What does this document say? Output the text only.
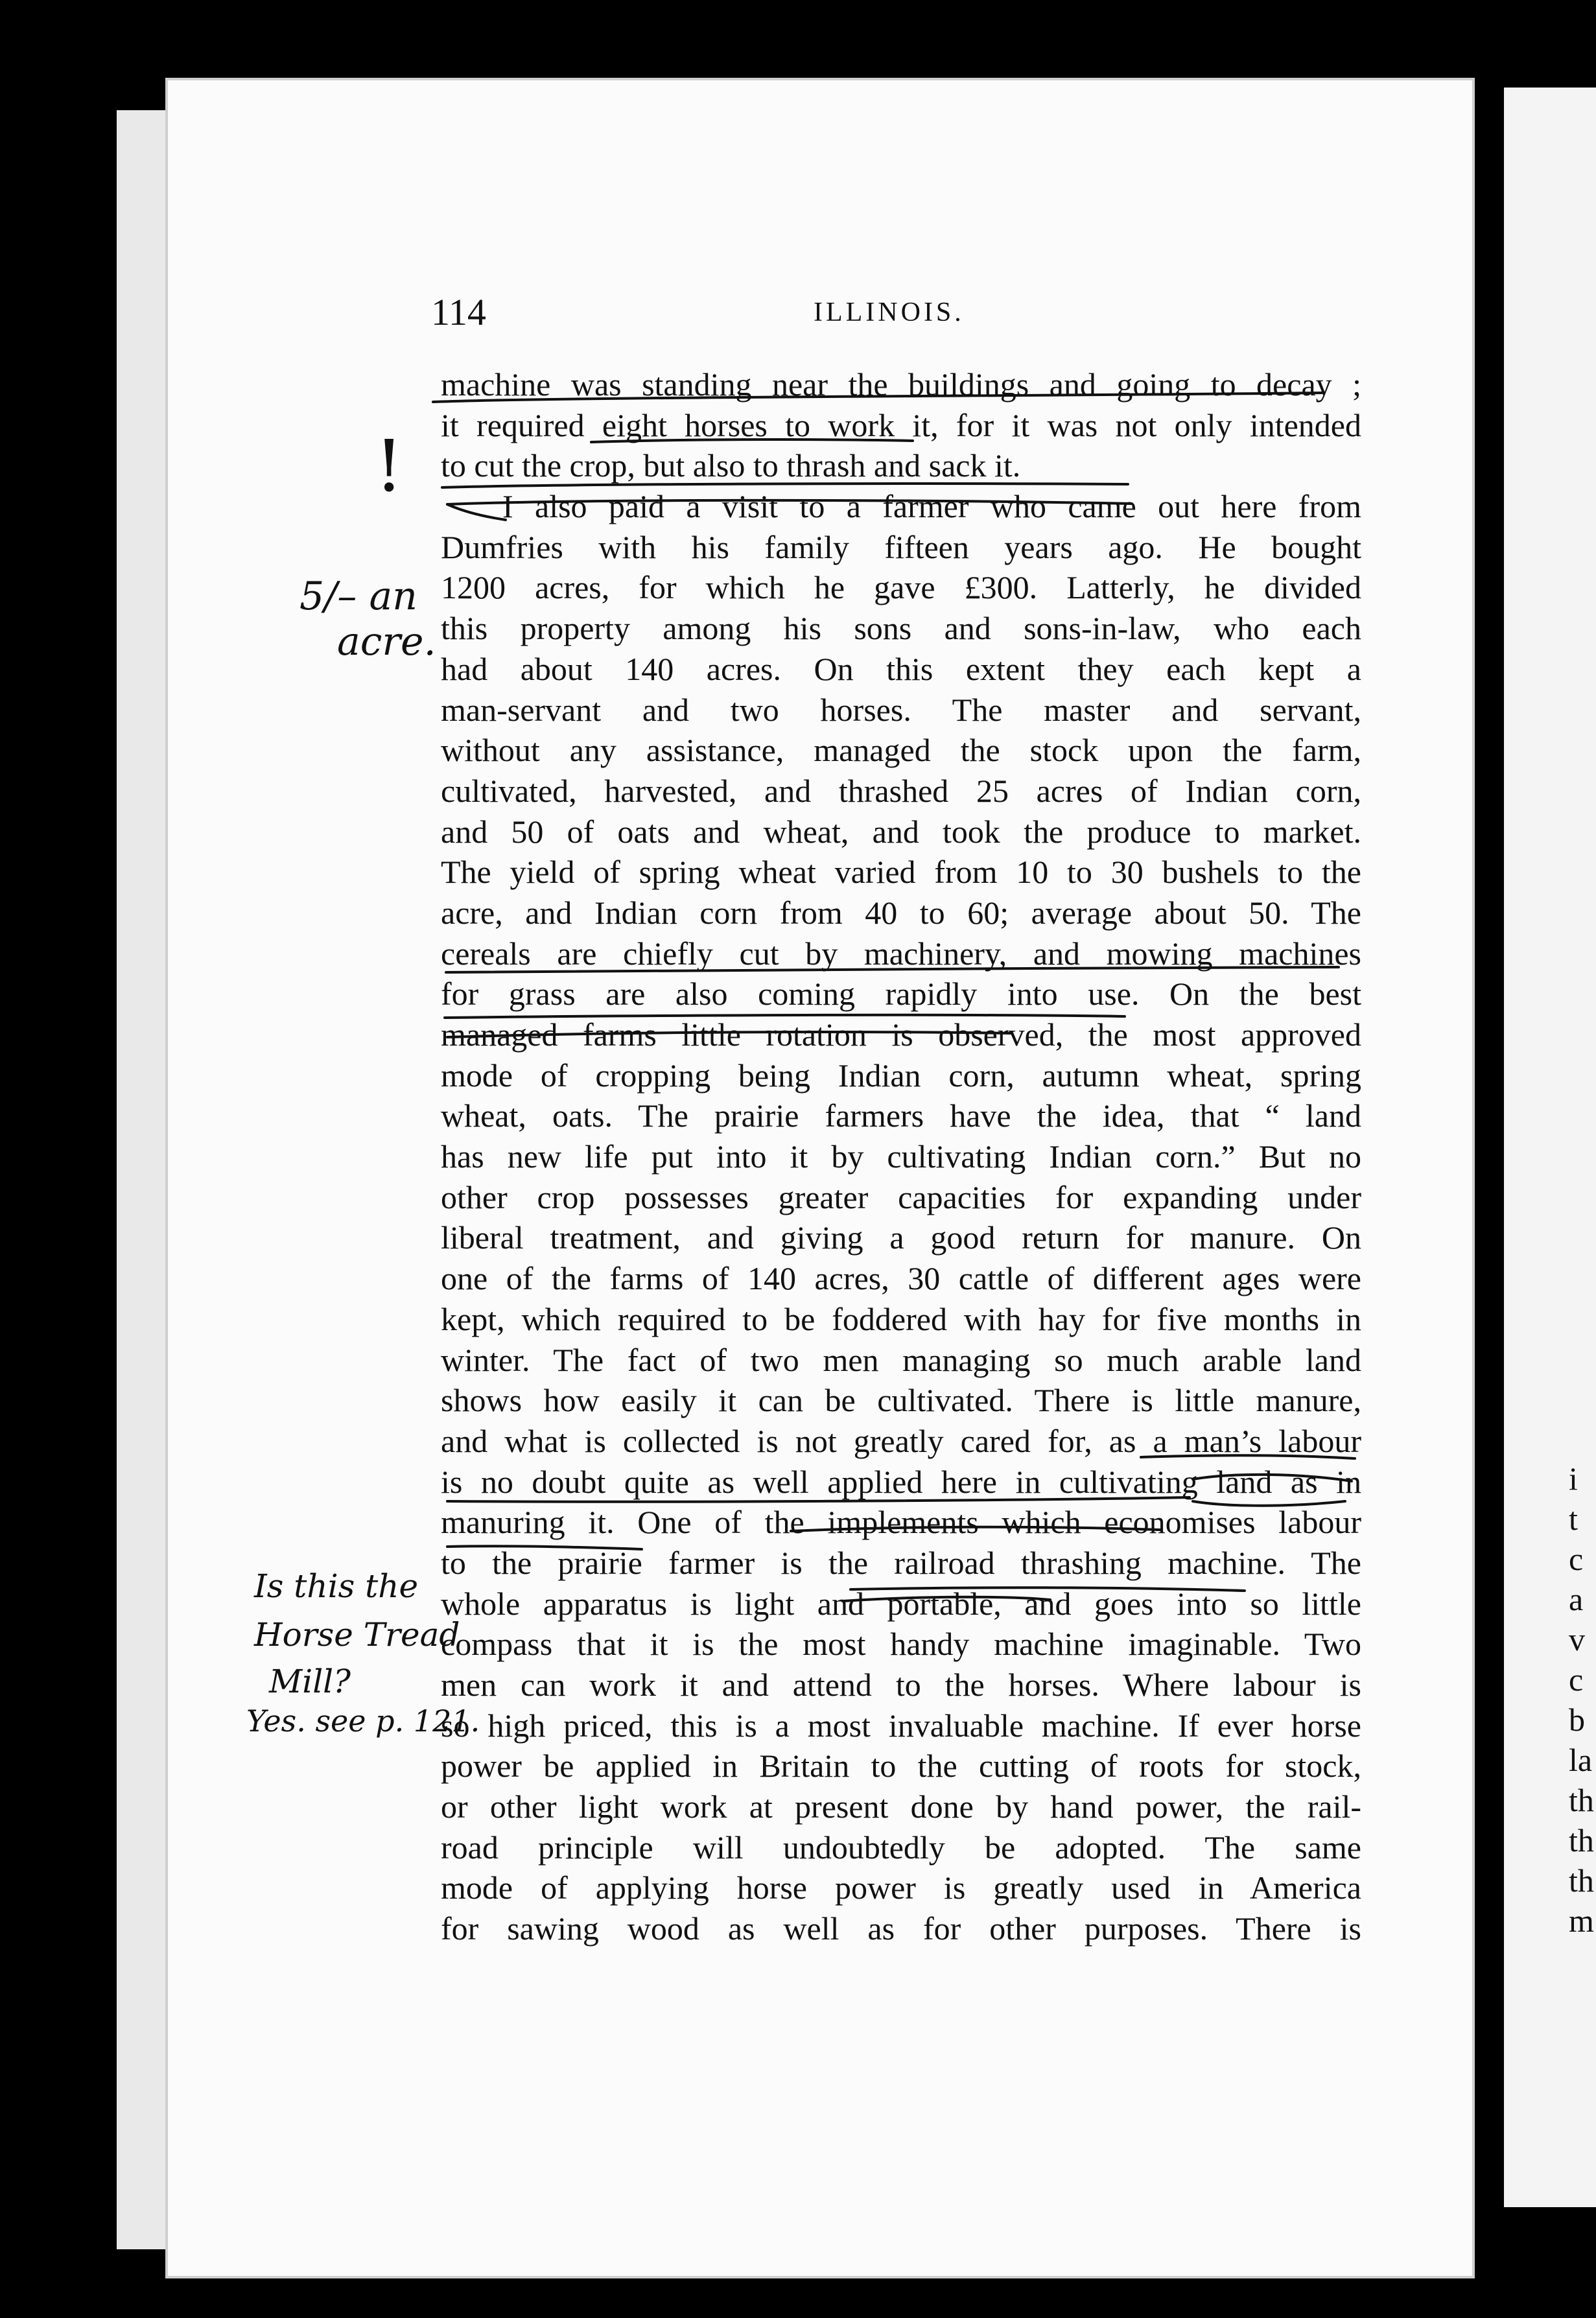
i
t
c
a
v
c
b
la
th
th
th
m
114	ILLINOIS.
machine was standing near the buildings and going to decay ;
it required eight horses to work it, for it was not only intended
to cut the crop, but also to thrash and sack it.
I also paid a visit to a farmer who came out here from
Dumfries with his family fifteen years ago. He bought
1200 acres, for which he gave £300. Latterly, he divided
this property among his sons and sons-in-law, who each
had about 140 acres. On this extent they each kept a
man-servant and two horses. The master and servant,
without any assistance, managed the stock upon the farm,
cultivated, harvested, and thrashed 25 acres of Indian corn,
and 50 of oats and wheat, and took the produce to market.
The yield of spring wheat varied from 10 to 30 bushels to the
acre, and Indian corn from 40 to 60; average about 50. The
cereals are chiefly cut by machinery, and mowing machines
for grass are also coming rapidly into use. On the best
managed farms little rotation is observed, the most approved
mode of cropping being Indian corn, autumn wheat, spring
wheat, oats. The prairie farmers have the idea, that “ land
has new life put into it by cultivating Indian corn.” But no
other crop possesses greater capacities for expanding under
liberal treatment, and giving a good return for manure. On
one of the farms of 140 acres, 30 cattle of different ages were
kept, which required to be foddered with hay for five months in
winter. The fact of two men managing so much arable land
shows how easily it can be cultivated. There is little manure,
and what is collected is not greatly cared for, as a man’s labour
is no doubt quite as well applied here in cultivating land as in
manuring it. One of the implements which economises labour
to the prairie farmer is the railroad thrashing machine. The
whole apparatus is light and portable, and goes into so little
compass that it is the most handy machine imaginable. Two
men can work it and attend to the horses. Where labour is
so high priced, this is a most invaluable machine. If ever horse
power be applied in Britain to the cutting of roots for stock,
or other light work at present done by hand power, the rail-
road principle will undoubtedly be adopted. The same
mode of applying horse power is greatly used in America
for sawing wood as well as for other purposes. There is
!
5/– an
acre.
Is this the
Horse Tread
Mill?
Yes. see p. 121.
